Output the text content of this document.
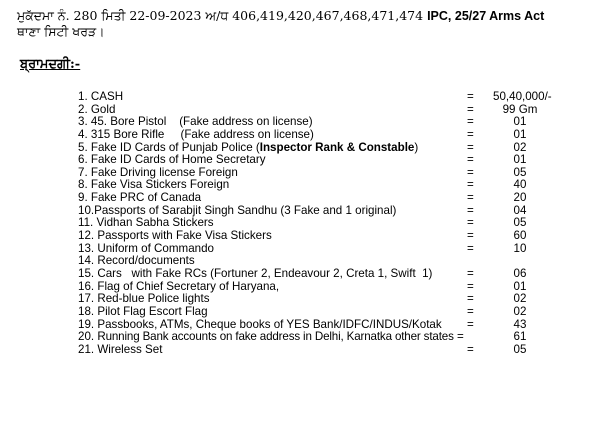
ਮੁਕੱਦਮਾ ਨੰ. 280 ਮਿਤੀ 22-09-2023 ਅ/ਧ 406,419,420,467,468,471,474 IPC, 25/27 Arms Act
ਥਾਣਾ ਸਿਟੀ ਖਰੜ।
ਬ੍ਰਾਮਦਗੀ:-
1. CASH	= 50,40,000/-
2. Gold	=	99 Gm
3. 45. Bore Pistol    (Fake address on license)	=	01
4. 315 Bore Rifle     (Fake address on license)	=	01
5. Fake ID Cards of Punjab Police (Inspector Rank & Constable)	=	02
6. Fake ID Cards of Home Secretary	=	01
7. Fake Driving license Foreign	=	05
8. Fake Visa Stickers Foreign	=	40
9. Fake PRC of Canada	=	20
10.Passports of Sarabjit Singh Sandhu (3 Fake and 1 original)	=	04
11. Vidhan Sabha Stickers	=	05
12. Passports with Fake Visa Stickers	=	60
13. Uniform of Commando	=	10
14. Record/documents
15. Cars   with Fake RCs (Fortuner 2, Endeavour 2, Creta 1, Swift  1)	=	06
16. Flag of Chief Secretary of Haryana,	=	01
17. Red-blue Police lights	=	02
18. Pilot Flag Escort Flag	=	02
19. Passbooks, ATMs, Cheque books of YES Bank/IDFC/INDUS/Kotak =	43
20. Running Bank accounts on fake address in Delhi, Karnatka other states =	61
21. Wireless Set	=	05
